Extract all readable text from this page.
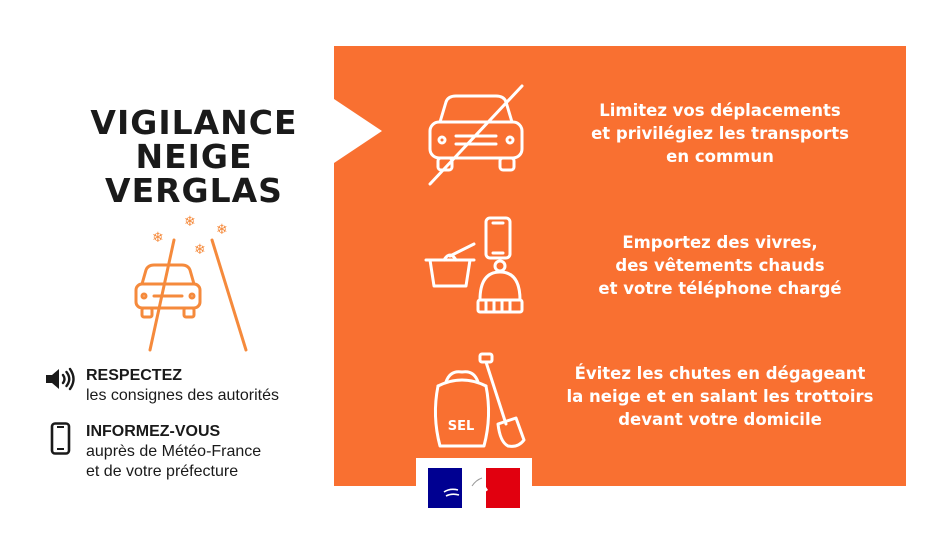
VIGILANCE
NEIGE
VERGLAS
❄
❄ ❄
❄
RESPECTEZ
les consignes des autorités
INFORMEZ-VOUS
auprès de Météo-France
et de votre préfecture
SEL
Limitez vos déplacements
et privilégiez les transports
en commun
Emportez des vivres,
des vêtements chauds
et votre téléphone chargé
Évitez les chutes en dégageant
la neige et en salant les trottoirs
devant votre domicile
